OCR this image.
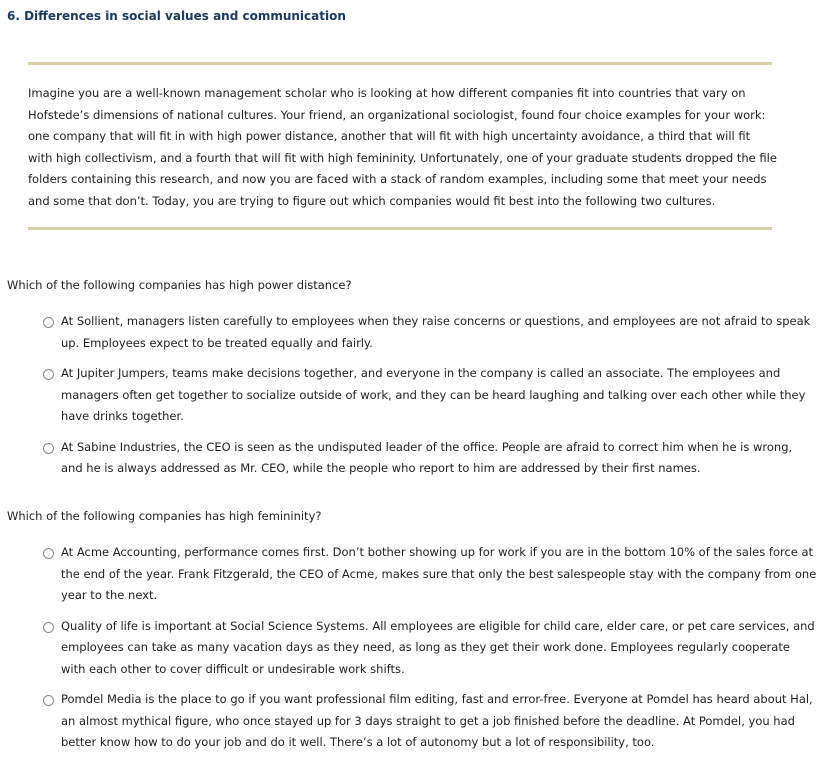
6. Differences in social values and communication

Imagine you are a well-known management scholar who is looking at how different companies fit into countries that vary on Hofstede’s dimensions of national cultures. Your friend, an organizational sociologist, found four choice examples for your work: one company that will fit in with high power distance, another that will fit with high uncertainty avoidance, a third that will fit with high collectivism, and a fourth that will fit with high femininity. Unfortunately, one of your graduate students dropped the file folders containing this research, and now you are faced with a stack of random examples, including some that meet your needs and some that don’t. Today, you are trying to figure out which companies would fit best into the following two cultures.

Which of the following companies has high power distance?

At Sollient, managers listen carefully to employees when they raise concerns or questions, and employees are not afraid to speak up. Employees expect to be treated equally and fairly.
At Jupiter Jumpers, teams make decisions together, and everyone in the company is called an associate. The employees and managers often get together to socialize outside of work, and they can be heard laughing and talking over each other while they have drinks together.
At Sabine Industries, the CEO is seen as the undisputed leader of the office. People are afraid to correct him when he is wrong, and he is always addressed as Mr. CEO, while the people who report to him are addressed by their first names.

Which of the following companies has high femininity?

At Acme Accounting, performance comes first. Don’t bother showing up for work if you are in the bottom 10% of the sales force at the end of the year. Frank Fitzgerald, the CEO of Acme, makes sure that only the best salespeople stay with the company from one year to the next.
Quality of life is important at Social Science Systems. All employees are eligible for child care, elder care, or pet care services, and employees can take as many vacation days as they need, as long as they get their work done. Employees regularly cooperate with each other to cover difficult or undesirable work shifts.
Pomdel Media is the place to go if you want professional film editing, fast and error-free. Everyone at Pomdel has heard about Hal, an almost mythical figure, who once stayed up for 3 days straight to get a job finished before the deadline. At Pomdel, you had better know how to do your job and do it well. There’s a lot of autonomy but a lot of responsibility, too.
